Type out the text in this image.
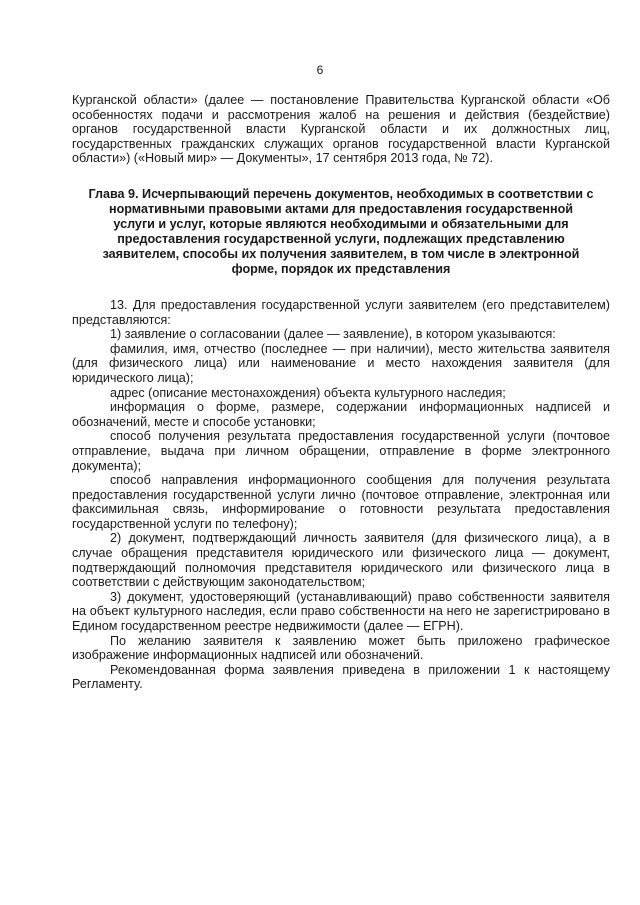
6

Курганской области» (далее — постановление Правительства Курганской области «Об особенностях подачи и рассмотрения жалоб на решения и действия (бездействие) органов государственной власти Курганской области и их должностных лиц, государственных гражданских служащих органов государственной власти Курганской области») («Новый мир» — Документы», 17 сентября 2013 года, № 72).

Глава 9. Исчерпывающий перечень документов, необходимых в соответствии с нормативными правовыми актами для предоставления государственной услуги и услуг, которые являются необходимыми и обязательными для предоставления государственной услуги, подлежащих представлению заявителем, способы их получения заявителем, в том числе в электронной форме, порядок их представления

13. Для предоставления государственной услуги заявителем (его представителем) представляются:

1) заявление о согласовании (далее — заявление), в котором указываются:

фамилия, имя, отчество (последнее — при наличии), место жительства заявителя (для физического лица) или наименование и место нахождения заявителя (для юридического лица);

адрес (описание местонахождения) объекта культурного наследия;

информация о форме, размере, содержании информационных надписей и обозначений, месте и способе установки;

способ получения результата предоставления государственной услуги (почтовое отправление, выдача при личном обращении, отправление в форме электронного документа);

способ направления информационного сообщения для получения результата предоставления государственной услуги лично (почтовое отправление, электронная или факсимильная связь, информирование о готовности результата предоставления государственной услуги по телефону);

2) документ, подтверждающий личность заявителя (для физического лица), а в случае обращения представителя юридического или физического лица — документ, подтверждающий полномочия представителя юридического или физического лица в соответствии с действующим законодательством;

3) документ, удостоверяющий (устанавливающий) право собственности заявителя на объект культурного наследия, если право собственности на него не зарегистрировано в Едином государственном реестре недвижимости (далее — ЕГРН).

По желанию заявителя к заявлению может быть приложено графическое изображение информационных надписей или обозначений.

Рекомендованная форма заявления приведена в приложении 1 к настоящему Регламенту.
